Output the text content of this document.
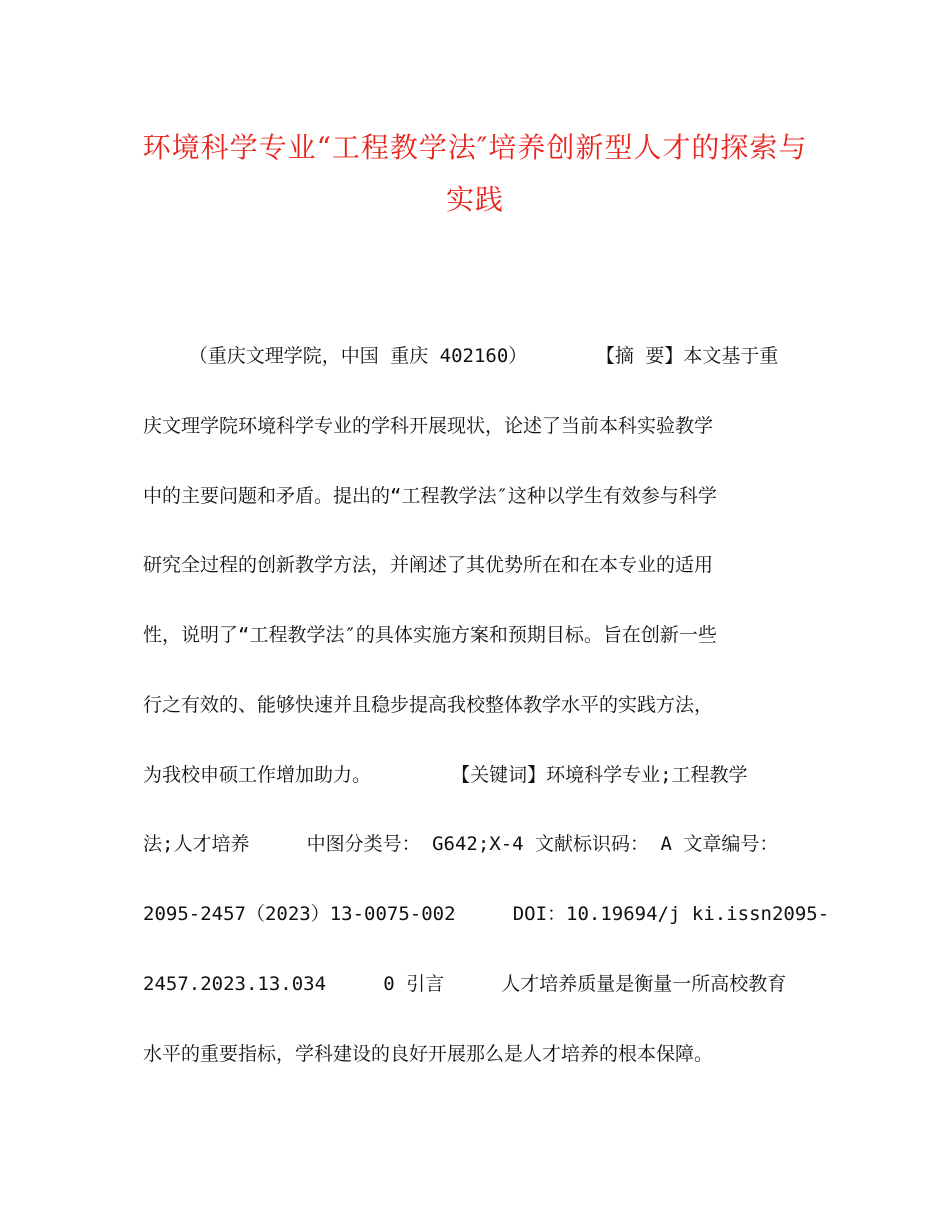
环境科学专业“工程教学法″培养创新型人才的探索与实践

（重庆文理学院，中国 重庆 402160）      【摘 要】本文基于重

庆文理学院环境科学专业的学科开展现状，论述了当前本科实验教学

中的主要问题和矛盾。提出的“工程教学法″这种以学生有效参与科学

研究全过程的创新教学方法，并阐述了其优势所在和在本专业的适用

性，说明了“工程教学法″的具体实施方案和预期目标。旨在创新一些

行之有效的、能够快速并且稳步提高我校整体教学水平的实践方法，

为我校申硕工作增加助力。       【关键词】环境科学专业;工程教学

法;人才培养     中图分类号： G642;X-4 文献标识码： A 文章编号：

2095-2457（2023）13-0075-002     DOI：10.19694/j ki.issn2095-

2457.2023.13.034     0 引言     人才培养质量是衡量一所高校教育

水平的重要指标，学科建设的良好开展那么是人才培养的根本保障。
